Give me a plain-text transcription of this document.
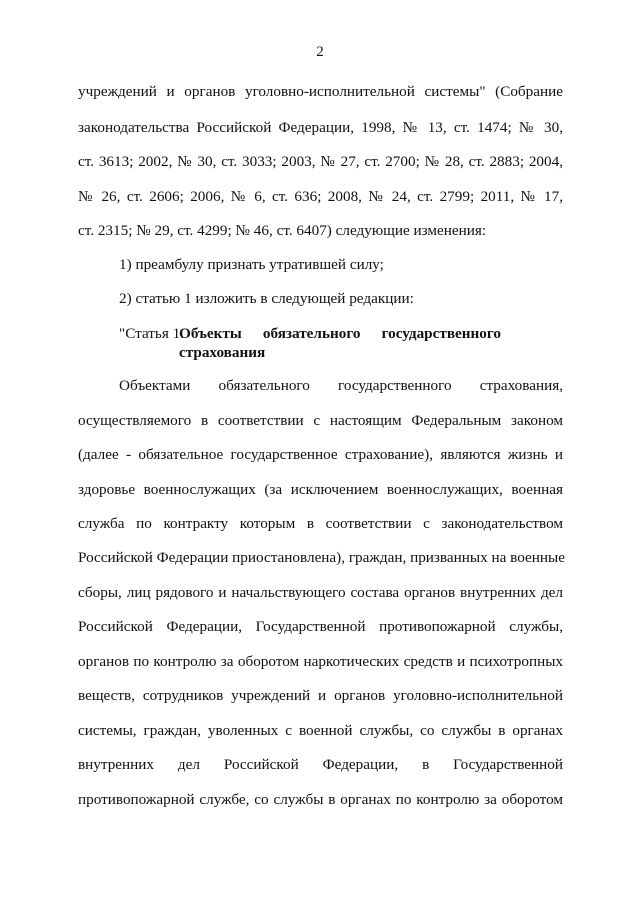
2
учреждений и органов уголовно-исполнительной системы" (Собрание
законодательства Российской Федерации, 1998, № 13, ст. 1474; № 30,
ст. 3613; 2002, № 30, ст. 3033; 2003, № 27, ст. 2700; № 28, ст. 2883; 2004,
№ 26, ст. 2606; 2006, № 6, ст. 636; 2008, № 24, ст. 2799; 2011, № 17,
ст. 2315; № 29, ст. 4299; № 46, ст. 6407) следующие изменения:
1) преамбулу признать утратившей силу;
2) статью 1 изложить в следующей редакции:
"Статья 1.
Объекты обязательного государственного
страхования
Объектами обязательного государственного страхования,
осуществляемого в соответствии с настоящим Федеральным законом
(далее - обязательное государственное страхование), являются жизнь и
здоровье военнослужащих (за исключением военнослужащих, военная
служба по контракту которым в соответствии с законодательством
Российской Федерации приостановлена), граждан, призванных на военные
сборы, лиц рядового и начальствующего состава органов внутренних дел
Российской Федерации, Государственной противопожарной службы,
органов по контролю за оборотом наркотических средств и психотропных
веществ, сотрудников учреждений и органов уголовно-исполнительной
системы, граждан, уволенных с военной службы, со службы в органах
внутренних дел Российской Федерации, в Государственной
противопожарной службе, со службы в органах по контролю за оборотом
